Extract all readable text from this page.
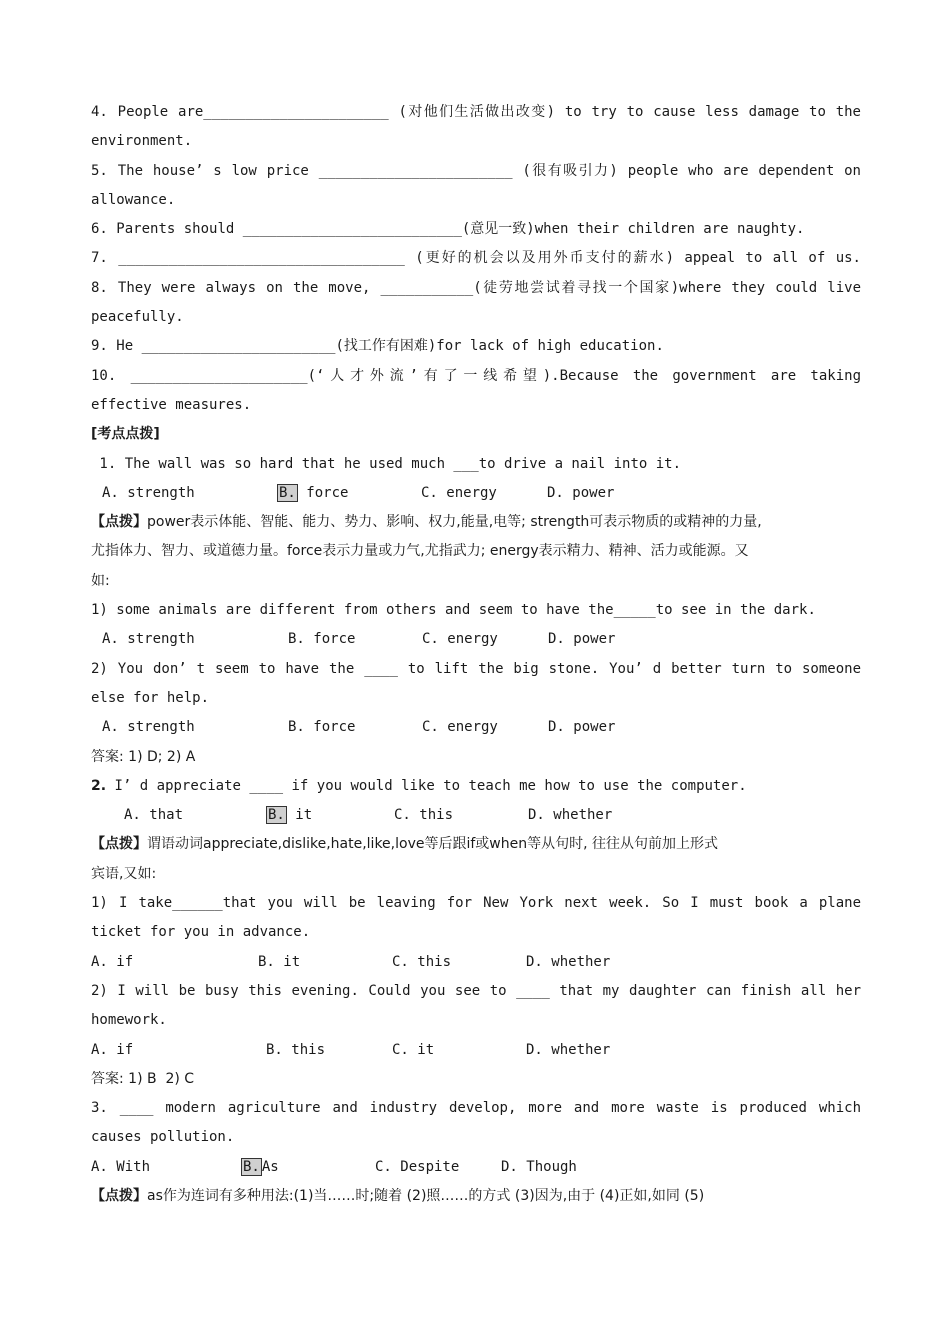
4. People are______________________ (对他们生活做出改变) to try to cause less damage to the
environment.
5. The house’ s low price _______________________ (很有吸引力) people who are dependent on
allowance.
6. Parents should __________________________(意见一致)when their children are naughty.
7. __________________________________ (更好的机会以及用外币支付的薪水) appeal to all of us.
8. They were always on the move, ___________(徒劳地尝试着寻找一个国家)where they could live
peacefully.
9. He _______________________(找工作有困难)for lack of high education.
10. _____________________(‘人才外流’有了一线希望).Because the government are taking
effective measures.
[考点点拨]
1. The wall was so hard that he used much ___to drive a nail into it.
A. strength	B. force	C. energy	D. power
【点拨】power表示体能、智能、能力、势力、影响、权力,能量,电等; strength可表示物质的或精神的力量,
尤指体力、智力、或道德力量。force表示力量或力气,尤指武力; energy表示精力、精神、活力或能源。又
如:
1) some animals are different from others and seem to have the_____to see in the dark.
A. strength	B. force	C. energy	D. power
2) You don’ t seem to have the ____ to lift the big stone. You’ d better turn to someone
else for help.
A. strength	B. force	C. energy	D. power
答案: 1) D; 2) A
2. I’ d appreciate ____ if you would like to teach me how to use the computer.
A. that	B. it	C. this	D. whether
【点拨】谓语动词appreciate,dislike,hate,like,love等后跟if或when等从句时, 往往从句前加上形式
宾语,又如:
1) I take______that you will be leaving for New York next week. So I must book a plane
ticket for you in advance.
A. if	B. it	C. this	D. whether
2) I will be busy this evening. Could you see to ____ that my daughter can finish all her
homework.
A. if	B. this	C. it	D. whether
答案: 1) B  2) C
3. ____ modern agriculture and industry develop, more and more waste is produced which
causes pollution.
A. With	B. As	C. Despite	D. Though
【点拨】as作为连词有多种用法:(1)当……时;随着 (2)照……的方式 (3)因为,由于 (4)正如,如同 (5)
